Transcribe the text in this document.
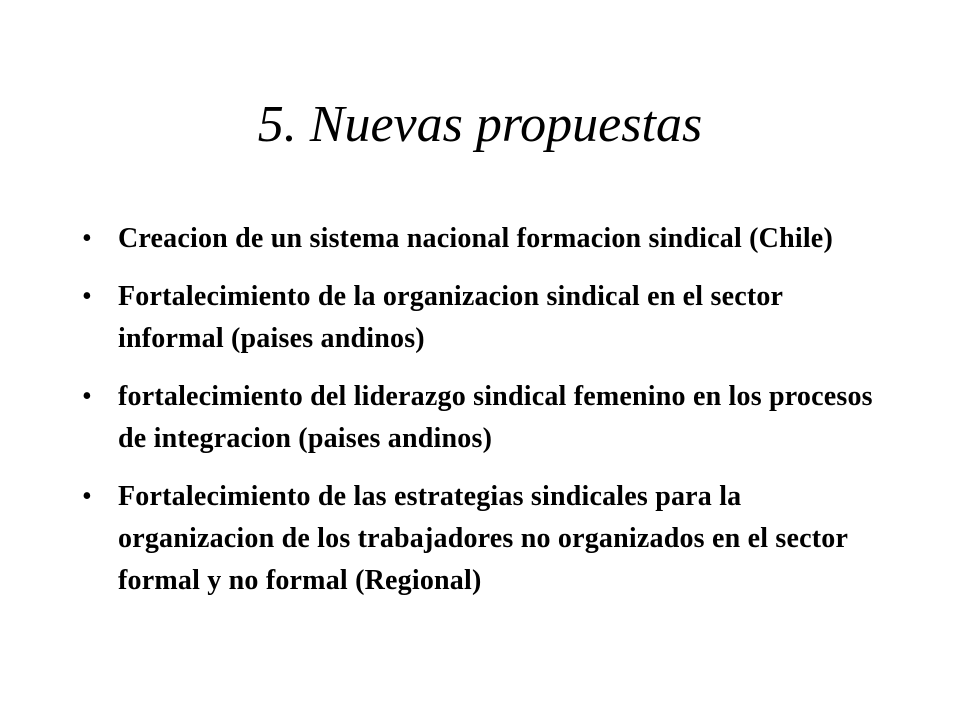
5. Nuevas propuestas
• Creacion de un sistema nacional formacion sindical (Chile)
• Fortalecimiento de la organizacion sindical en el sector informal (paises andinos)
• fortalecimiento del liderazgo sindical femenino en los procesos de integracion (paises andinos)
• Fortalecimiento de las estrategias sindicales para la organizacion de los trabajadores no organizados en el sector formal y no formal (Regional)
